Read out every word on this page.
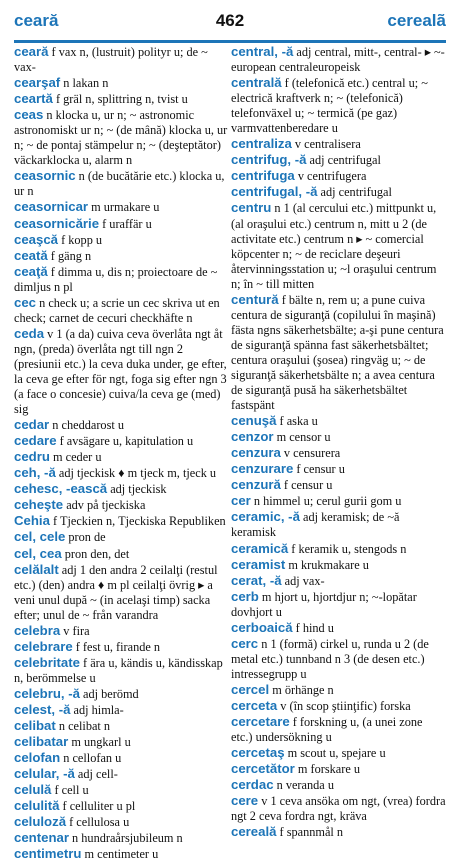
ceară	462	cerealã

ceară f vax n, (lustruit) polityr u; de ~ vax-

cearşaf n lakan n

ceartă f gräl n, splittring n, tvist u

ceas n klocka u, ur n; ~ astronomic astronomiskt ur n; ~ (de mână) klocka u, ur n; ~ de pontaj stämpelur n; ~ (deşteptător) väckarklocka u, alarm n

ceasornic n (de bucătărie etc.) klocka u, ur n

ceasornicar m urmakare u

ceasornicărie f urаffär u

ceaşcă f kopp u

ceată f gäng n

ceaţă f dimma u, dis n; proiectoare de ~ dimljus n pl

cec n check u; a scrie un cec skriva ut en check; carnet de cecuri checkhäfte n

ceda v 1 (a da) cuiva ceva överlåta ngt åt ngn, (preda) överlåta ngt till ngn 2 (presiunii etc.) la ceva duka under, ge efter, la ceva ge efter för ngt, foga sig efter ngn 3 (a face o concesie) cuiva/la ceva ge (med) sig

cedar n cheddarost u

cedare f avsägare u, kapitulation u

cedru m ceder u

ceh, -ă adj tjeckisk ♦ m tjeck m, tjeck u

cehesc, -ească adj tjeckisk

ceheşte adv på tjeckiska

Cehia f Tjeckien n, Tjeckiska Republiken

cel, cele pron de

cel, cea pron den, det

celălalt adj 1 den andra 2 ceilalţi (restul etc.) (den) andra ♦ m pl ceilalţi övrig ▸ a veni unul după ~ (in acelaşi timp) sacka efter; unul de ~ från varandra

celebra v fira

celebrare f fest u, firande n

celebritate f ära u, kändis u, kändisskap n, berömmelse u

celebru, -ă adj berömd

celest, -ă adj himla-

celibat n celibat n

celibatar m ungkarl u

celofan n cellofan u

celular, -ă adj cell-

celulă f cell u

celulită f celluliter u pl

celuloză f cellulosa u

centenar n hundraårsjubileum n

centimetru m centimeter u

central, -ă adj central, mitt-, central- ▸ ~-european centraleuropeisk

centrală f (telefonică etc.) central u; ~ electrică kraftverk n; ~ (telefonică) telefonväxel u; ~ termică (pe gaz) varmvattenberedare u

centraliza v centralisera

centrifug, -ă adj centrifugal

centrifuga v centrifugera

centrifugal, -ă adj centrifugal

centru n 1 (al cercului etc.) mittpunkt u, (al oraşului etc.) centrum n, mitt u 2 (de activitate etc.) centrum n ▸ ~ comercial köpcenter n; ~ de reciclare deşeuri återvinningsstation u; ~l oraşului centrum n; în ~ till mitten

centură f bälte n, rem u; a pune cuiva centura de siguranţă (copilului în maşină) fästa ngns säkerhetsbälte; a-şi pune centura de siguranţă spänna fast säkerhetsbältet; centura oraşului (şosea) ringväg u; ~ de siguranţă säkerhetsbälte n; a avea centura de siguranţă pusă ha säkerhetsbältet fastspänt

cenuşă f aska u

cenzor m censor u

cenzura v censurera

cenzurare f censur u

cenzură f censur u

cer n himmel u; cerul gurii gom u

ceramic, -ă adj keramisk; de ~ă keramisk

ceramică f keramik u, stengods n

ceramist m krukmakare u

cerat, -ă adj vax-

cerb m hjort u, hjortdjur n; ~-lopătar dovhjort u

cerboaică f hind u

cerc n 1 (formă) cirkel u, runda u 2 (de metal etc.) tunnband n 3 (de desen etc.) intressegrupp u

cercel m örhänge n

cerceta v (în scop ştiinţific) forska

cercetare f forskning u, (a unei zone etc.) undersökning u

cercetaş m scout u, spejare u

cercetător m forskare u

cerdac n veranda u

cere v 1 ceva ansöka om ngt, (vrea) fordra ngt 2 ceva fordra ngt, kräva

cereală f spannmål n
